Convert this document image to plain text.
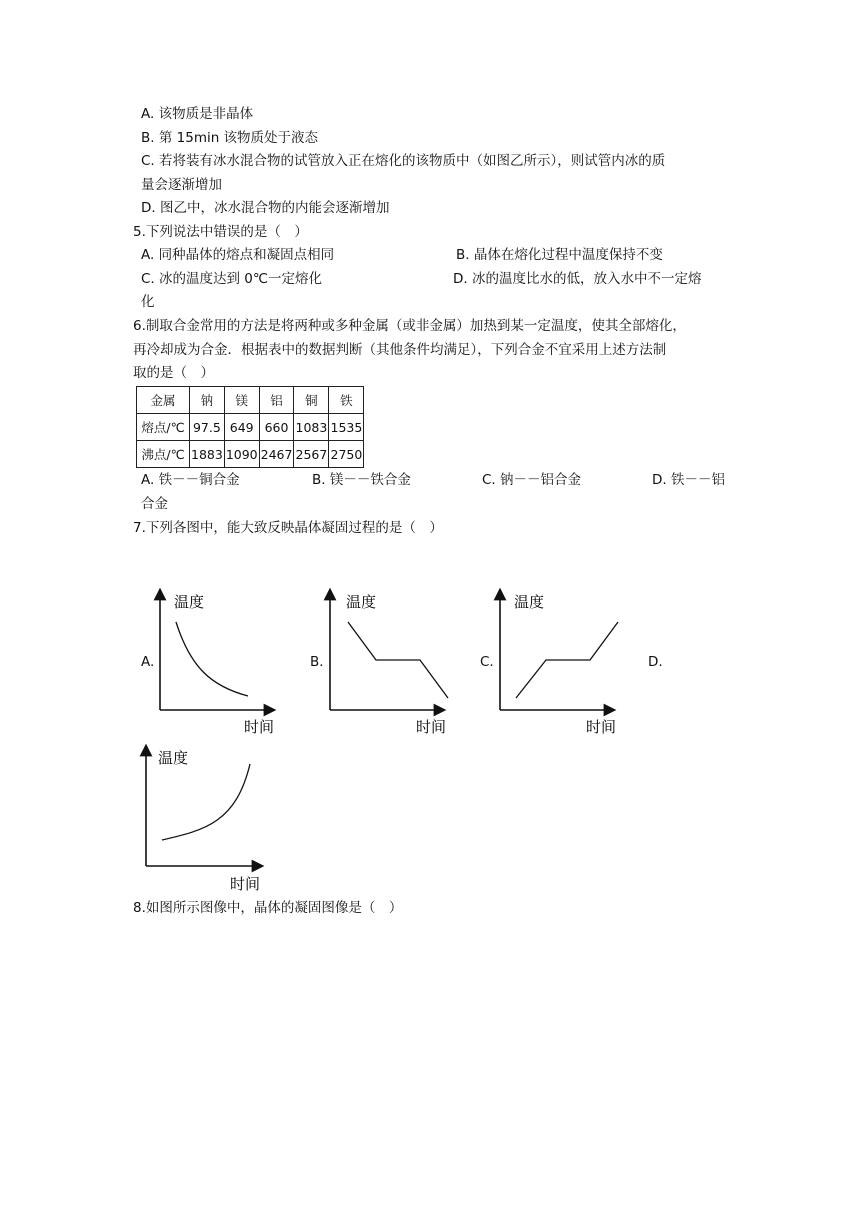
A. 该物质是非晶体
B. 第 15min 该物质处于液态
C. 若将装有冰水混合物的试管放入正在熔化的该物质中（如图乙所示），则试管内冰的质
量会逐渐增加
D. 图乙中，冰水混合物的内能会逐渐增加
5.下列说法中错误的是（　）
A. 同种晶体的熔点和凝固点相同	B. 晶体在熔化过程中温度保持不变
C. 冰的温度达到 0℃一定熔化	D. 冰的温度比水的低，放入水中不一定熔
化
6.制取合金常用的方法是将两种或多种金属（或非金属）加热到某一定温度，使其全部熔化，
再冷却成为合金．根据表中的数据判断（其他条件均满足），下列合金不宜采用上述方法制
取的是（　）
金属	钠	镁	铝	铜	铁
熔点/℃	97.5	649	660	1083	1535
沸点/℃	1883	1090	2467	2567	2750
A. 铁－－铜合金	B. 镁－－铁合金	C. 钠－－铝合金	D. 铁－－铝
合金
7.下列各图中，能大致反映晶体凝固过程的是（　）
A.	B.	C.	D.
温度
时间
温度
时间
温度
时间
温度
时间
8.如图所示图像中，晶体的凝固图像是（　）
